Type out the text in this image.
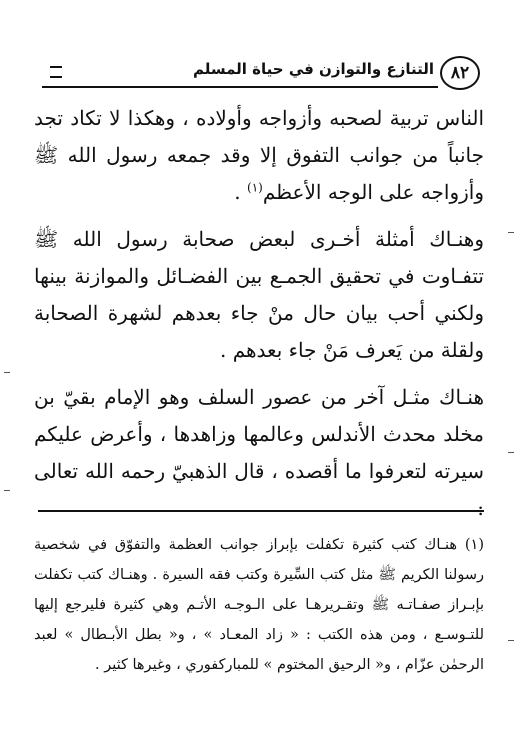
٨٢
التنازع والتوازن في حياة المسلم

الناس تربية لصحبه وأزواجه وأولاده ، وهكذا لا تكاد تجد جانباً من جوانب التفوق إلا وقد جمعه رسول الله ﷺ وأزواجه على الوجه الأعظم$^{(١)}$ .

وهنـاك أمثلة أخـرى لبعض صحابة رسول الله ﷺ تتفـاوت في تحقيق الجمـع بين الفضـائل والموازنة بينها ولكني أحب بيان حال منْ جاء بعدهم لشهرة الصحابة ولقلة من يَعرف مَنْ جاء بعدهم .

هنـاك مثـل آخر من عصور السلف وهو الإمام بقيّ بن مخلد محدث الأندلس وعالمها وزاهدها ، وأعرض عليكم سيرته لتعرفوا ما أقصده ، قال الذهبيّ رحمه الله تعالى :

(١) هنـاك كتب كثيرة تكفلت بإبراز جوانب العظمة والتفوّق في شخصية رسولنا الكريم ﷺ مثل كتب السِّيرة وكتب فقه السيرة . وهنـاك كتب تكفلت بإبـراز صفـاتـه ﷺ وتقـريرهـا على الـوجـه الأتـم وهي كثيرة فليرجع إليها للتـوسـع ، ومن هذه الكتب : « زاد المعـاد » ، و« بطل الأبـطال » لعبد الرحمٰن عزّام ، و« الرحيق المختوم » للمباركفوري ، وغيرها كثير .
